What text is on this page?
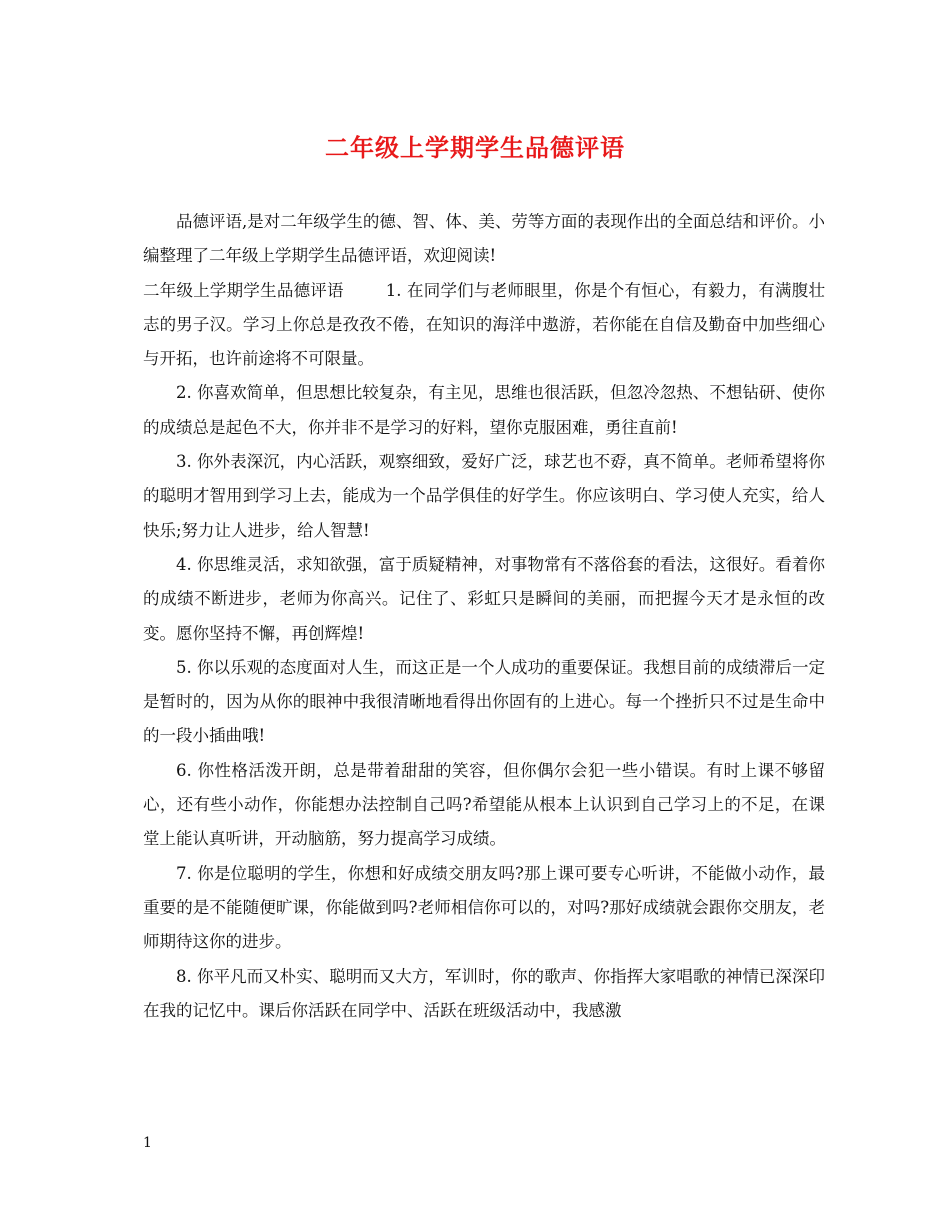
二年级上学期学生品德评语

品德评语,是对二年级学生的德、智、体、美、劳等方面的表现作出的全面总结和评价。小编整理了二年级上学期学生品德评语，欢迎阅读!

二年级上学期学生品德评语	1. 在同学们与老师眼里，你是个有恒心，有毅力，有满腹壮志的男子汉。学习上你总是孜孜不倦，在知识的海洋中遨游，若你能在自信及勤奋中加些细心与开拓，也许前途将不可限量。

2. 你喜欢简单，但思想比较复杂，有主见，思维也很活跃，但忽冷忽热、不想钻研、使你的成绩总是起色不大，你并非不是学习的好料，望你克服困难，勇往直前!

3. 你外表深沉，内心活跃，观察细致，爱好广泛，球艺也不孬，真不简单。老师希望将你的聪明才智用到学习上去，能成为一个品学俱佳的好学生。你应该明白、学习使人充实，给人快乐;努力让人进步，给人智慧!

4. 你思维灵活，求知欲强，富于质疑精神，对事物常有不落俗套的看法，这很好。看着你的成绩不断进步，老师为你高兴。记住了、彩虹只是瞬间的美丽，而把握今天才是永恒的改变。愿你坚持不懈，再创辉煌!

5. 你以乐观的态度面对人生，而这正是一个人成功的重要保证。我想目前的成绩滞后一定是暂时的，因为从你的眼神中我很清晰地看得出你固有的上进心。每一个挫折只不过是生命中的一段小插曲哦!

6. 你性格活泼开朗，总是带着甜甜的笑容，但你偶尔会犯一些小错误。有时上课不够留心，还有些小动作，你能想办法控制自己吗?希望能从根本上认识到自己学习上的不足，在课堂上能认真听讲，开动脑筋，努力提高学习成绩。

7. 你是位聪明的学生，你想和好成绩交朋友吗?那上课可要专心听讲，不能做小动作，最重要的是不能随便旷课，你能做到吗?老师相信你可以的，对吗?那好成绩就会跟你交朋友，老师期待这你的进步。

8. 你平凡而又朴实、聪明而又大方，军训时，你的歌声、你指挥大家唱歌的神情已深深印在我的记忆中。课后你活跃在同学中、活跃在班级活动中，我感激

1
